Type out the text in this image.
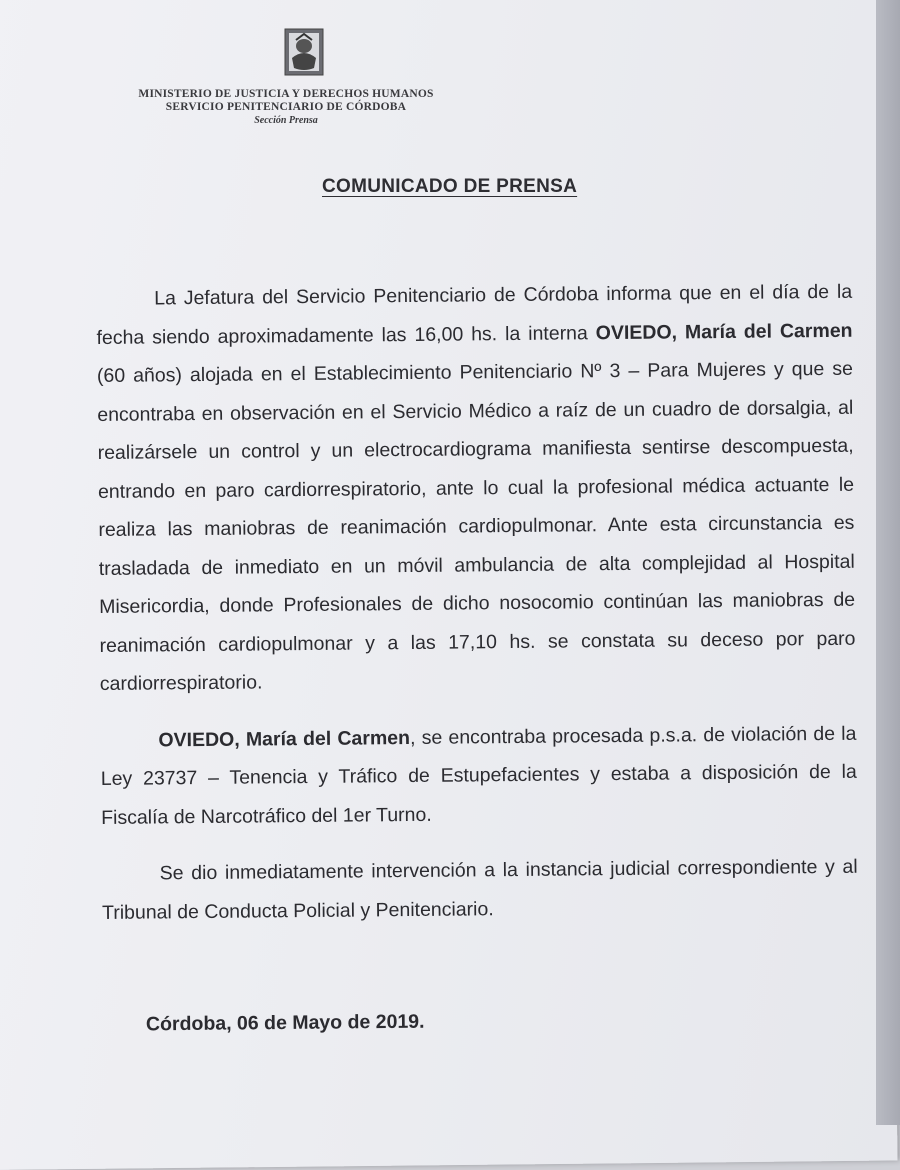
MINISTERIO DE JUSTICIA Y DERECHOS HUMANOS
SERVICIO PENITENCIARIO DE CÓRDOBA
Sección Prensa
COMUNICADO DE PRENSA

La Jefatura del Servicio Penitenciario de Córdoba informa que en el día de la fecha siendo aproximadamente las 16,00 hs. la interna OVIEDO, María del Carmen (60 años) alojada en el Establecimiento Penitenciario Nº 3 – Para Mujeres y que se encontraba en observación en el Servicio Médico a raíz de un cuadro de dorsalgia, al realizársele un control y un electrocardiograma manifiesta sentirse descompuesta, entrando en paro cardiorrespiratorio, ante lo cual la profesional médica actuante le realiza las maniobras de reanimación cardiopulmonar. Ante esta circunstancia es trasladada de inmediato en un móvil ambulancia de alta complejidad al Hospital Misericordia, donde Profesionales de dicho nosocomio continúan las maniobras de reanimación cardiopulmonar y a las 17,10 hs. se constata su deceso por paro cardiorrespiratorio.

OVIEDO, María del Carmen, se encontraba procesada p.s.a. de violación de la Ley 23737 – Tenencia y Tráfico de Estupefacientes y estaba a disposición de la Fiscalía de Narcotráfico del 1er Turno.

Se dio inmediatamente intervención a la instancia judicial correspondiente y al Tribunal de Conducta Policial y Penitenciario.

Córdoba, 06 de Mayo de 2019.
